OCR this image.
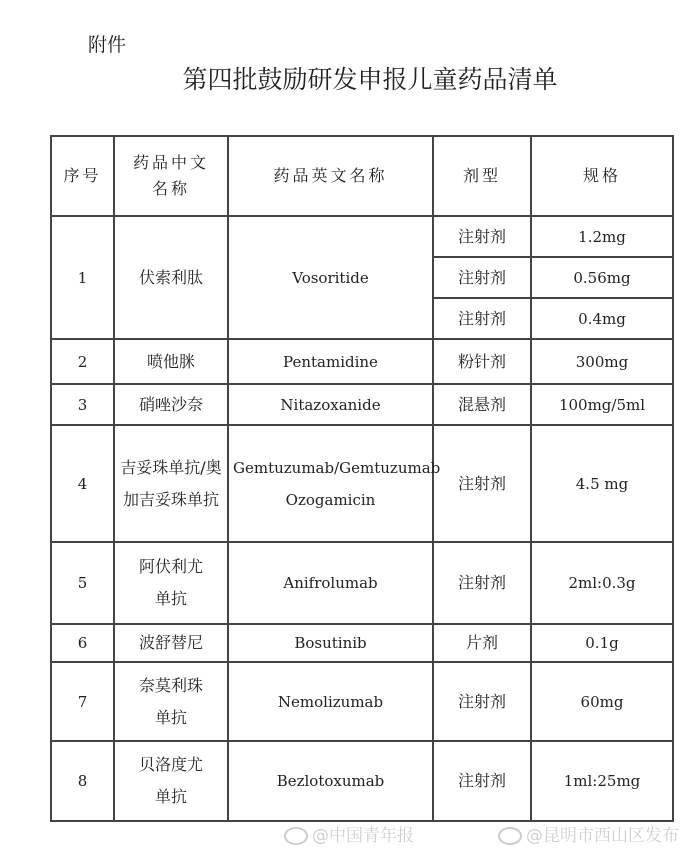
附件
第四批鼓励研发申报儿童药品清单
序号	药品中文名称	药品英文名称	剂型	规格
1	伏索利肽	Vosoritide	注射剂	1.2mg
			注射剂	0.56mg
			注射剂	0.4mg
2	喷他脒	Pentamidine	粉针剂	300mg
3	硝唑沙奈	Nitazoxanide	混悬剂	100mg/5ml
4	吉妥珠单抗/奥加吉妥珠单抗	Gemtuzumab/Gemtuzumab Ozogamicin	注射剂	4.5 mg
5	阿伏利尤单抗	Anifrolumab	注射剂	2ml:0.3g
6	波舒替尼	Bosutinib	片剂	0.1g
7	奈莫利珠单抗	Nemolizumab	注射剂	60mg
8	贝洛度尤单抗	Bezlotoxumab	注射剂	1ml:25mg
@中国青年报	@昆明市西山区发布
